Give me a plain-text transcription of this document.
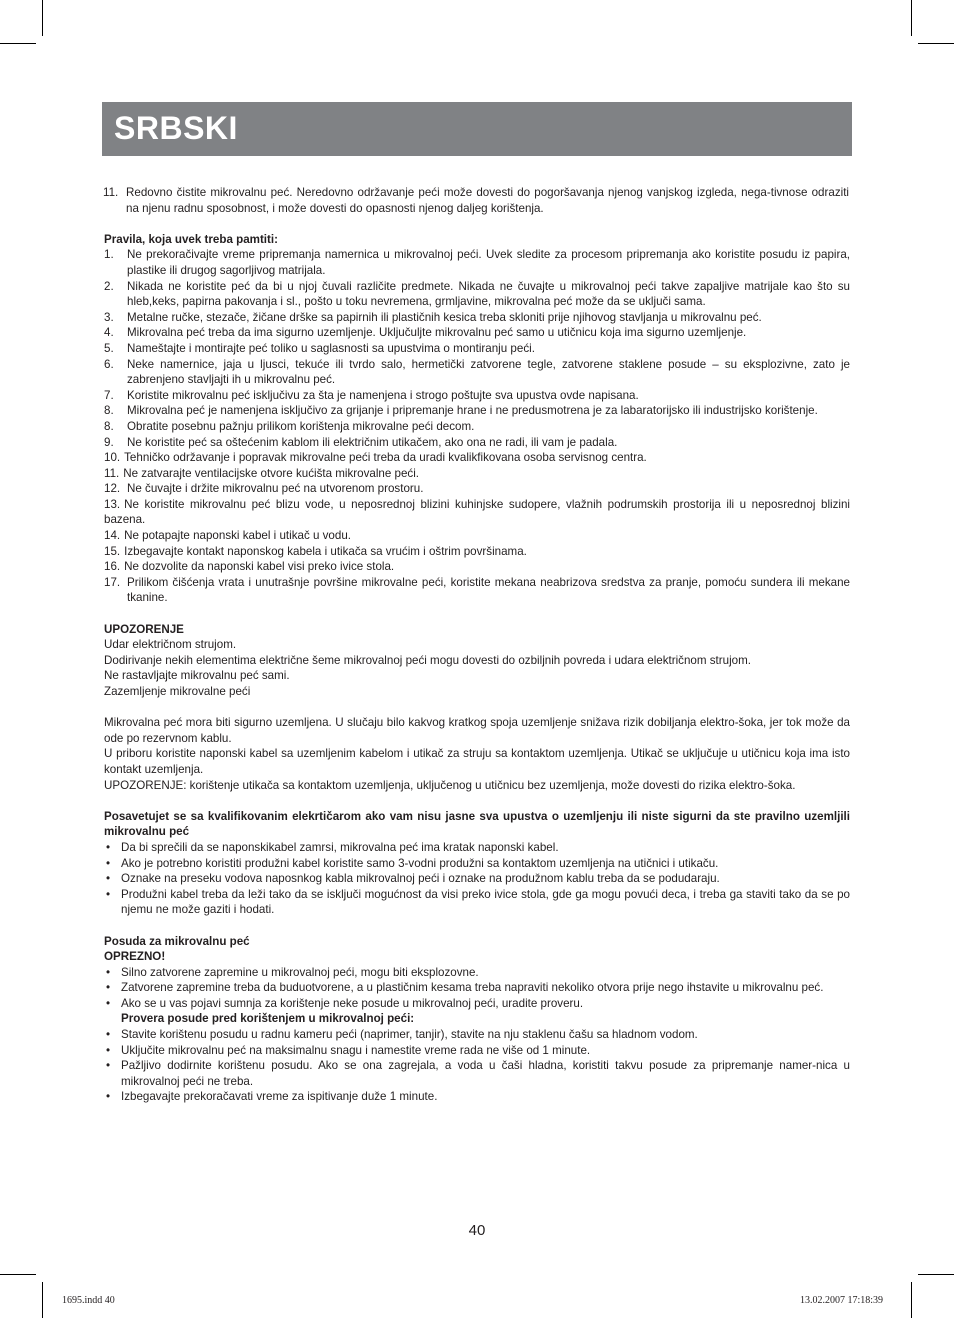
SRBSKI
11. Redovno čistite mikrovalnu peć. Neredovno održavanje peći može dovesti do pogoršavanja njenog vanjskog izgleda, nega-tivnose odraziti na njenu radnu sposobnost, i može dovesti do opasnosti njenog daljeg korištenja.

Pravila, koja uvek treba pamtiti:

1. Ne prekoračivajte vreme pripremanja namernica u mikrovalnoj peći. Uvek sledite za procesom pripremanja ako koristite posudu iz papira, plastike ili drugog sagorljivog matrijala.
2. Nikada ne koristite peć da bi u njoj čuvali različite predmete. Nikada ne čuvajte u mikrovalnoj peći takve zapaljive matrijale kao što su hleb,keks, papirna pakovanja i sl., pošto u toku nevremena, grmljavine, mikrovalna peć može da se uključi sama.
3. Metalne ručke, stezače, žičane drške sa papirnih ili plastičnih kesica treba skloniti prije njihovog stavljanja u mikrovalnu peć.
4. Mikrovalna peć treba da ima sigurno uzemljenje. Uključuljte mikrovalnu peć samo u utičnicu koja ima sigurno uzemljenje.
5. Nameštajte i montirajte peć toliko u saglasnosti sa upustvima o montiranju peći.
6. Neke namernice, jaja u ljusci, tekuće ili tvrdo salo, hermetički zatvorene tegle, zatvorene staklene posude – su eksplozivne, zato je zabrenjeno stavljajti ih u mikrovalnu peć.
7. Koristite mikrovalnu peć isključivu za šta je namenjena i strogo poštujte sva upustva ovde napisana.
8. Mikrovalna peć je namenjena isključivo za grijanje i pripremanje hrane i ne predusmotrena je za labaratorijsko ili industrijsko korištenje.
8. Obratite posebnu pažnju prilikom korištenja mikrovalne peći decom.
9. Ne koristite peć sa oštećenim kablom ili električnim utikačem, ako ona ne radi, ili vam je padala.
10. Tehničko održavanje i popravak mikrovalne peći treba da uradi kvalikfikovana osoba servisnog centra.
11. Ne zatvarajte ventilacijske otvore kućišta mikrovalne peći.
12. Ne čuvajte i držite mikrovalnu peć na utvorenom prostoru.
13. Ne koristite mikrovalnu peć blizu vode, u neposrednoj blizini kuhinjske sudopere, vlažnih podrumskih prostorija ili u neposrednoj blizini bazena.
14. Ne potapajte naponski kabel i utikač u vodu.
15. Izbegavajte kontakt naponskog kabela i utikača sa vrućim i oštrim površinama.
16. Ne dozvolite da naponski kabel visi preko ivice stola.
17. Prilikom čišćenja vrata i unutrašnje površine mikrovalne peći, koristite mekana neabrizova sredstva za pranje, pomoću sundera ili mekane tkanine.

UPOZORENJE

Udar električnom strujom.

Dodirivanje nekih elementima električne šeme mikrovalnoj peći mogu dovesti do ozbiljnih povreda i udara električnom strujom.

Ne rastavljajte mikrovalnu peć sami.

Zazemljenje mikrovalne peći

Mikrovalna peć mora biti sigurno uzemljena. U slučaju bilo kakvog kratkog spoja uzemljenje snižava rizik dobiljanja elektro-šoka, jer tok može da ode po rezervnom kablu.

U priboru koristite naponski kabel sa uzemljenim kabelom i utikač za struju sa kontaktom uzemljenja. Utikač se uključuje u utičnicu koja ima isto kontakt uzemljenja.

UPOZORENJE: korištenje utikača sa kontaktom uzemljenja, uključenog u utičnicu bez uzemljenja, može dovesti do rizika elektro-šoka.

Posavetujet se sa kvalifikovanim elekrtičarom ako vam nisu jasne sva upustva o uzemljenju ili niste sigurni da ste pravilno uzemljili mikrovalnu peć

• Da bi sprečili da se naponskikabel zamrsi, mikrovalna peć ima kratak naponski kabel.
• Ako je potrebno koristiti produžni kabel koristite samo 3-vodni produžni sa kontaktom uzemljenja na utičnici i utikaču.
• Oznake na preseku vodova naposnkog kabla mikrovalnoj peći i oznake na produžnom kablu treba da se podudaraju.
• Produžni kabel treba da leži tako da se isključi mogućnost da visi preko ivice stola, gde ga mogu povući deca, i treba ga staviti tako da se po njemu ne može gaziti i hodati.

Posuda za mikrovalnu peć

OPREZNO!

• Silno zatvorene zapremine u mikrovalnoj peći, mogu biti eksplozovne.
• Zatvorene zapremine treba da buduotvorene, a u plastičnim kesama treba napraviti nekoliko otvora prije nego ihstavite u mikrovalnu peć.
• Ako se u vas pojavi sumnja za korištenje neke posude u mikrovalnoj peći, uradite proveru.

Provera posude pred korištenjem u mikrovalnoj peći:

• Stavite korištenu posudu u radnu kameru peći (naprimer, tanjir), stavite na nju staklenu čašu sa hladnom vodom.
• Uključite mikrovalnu peć na maksimalnu snagu i namestite vreme rada ne više od 1 minute.
• Pažljivo dodirnite korištenu posudu. Ako se ona zagrejala, a voda u čaši hladna, koristiti takvu posude za pripremanje namer-nica u mikrovalnoj peći ne treba.
• Izbegavajte prekoračavati vreme za ispitivanje duže 1 minute.
40
1695.indd 40	13.02.2007 17:18:39
